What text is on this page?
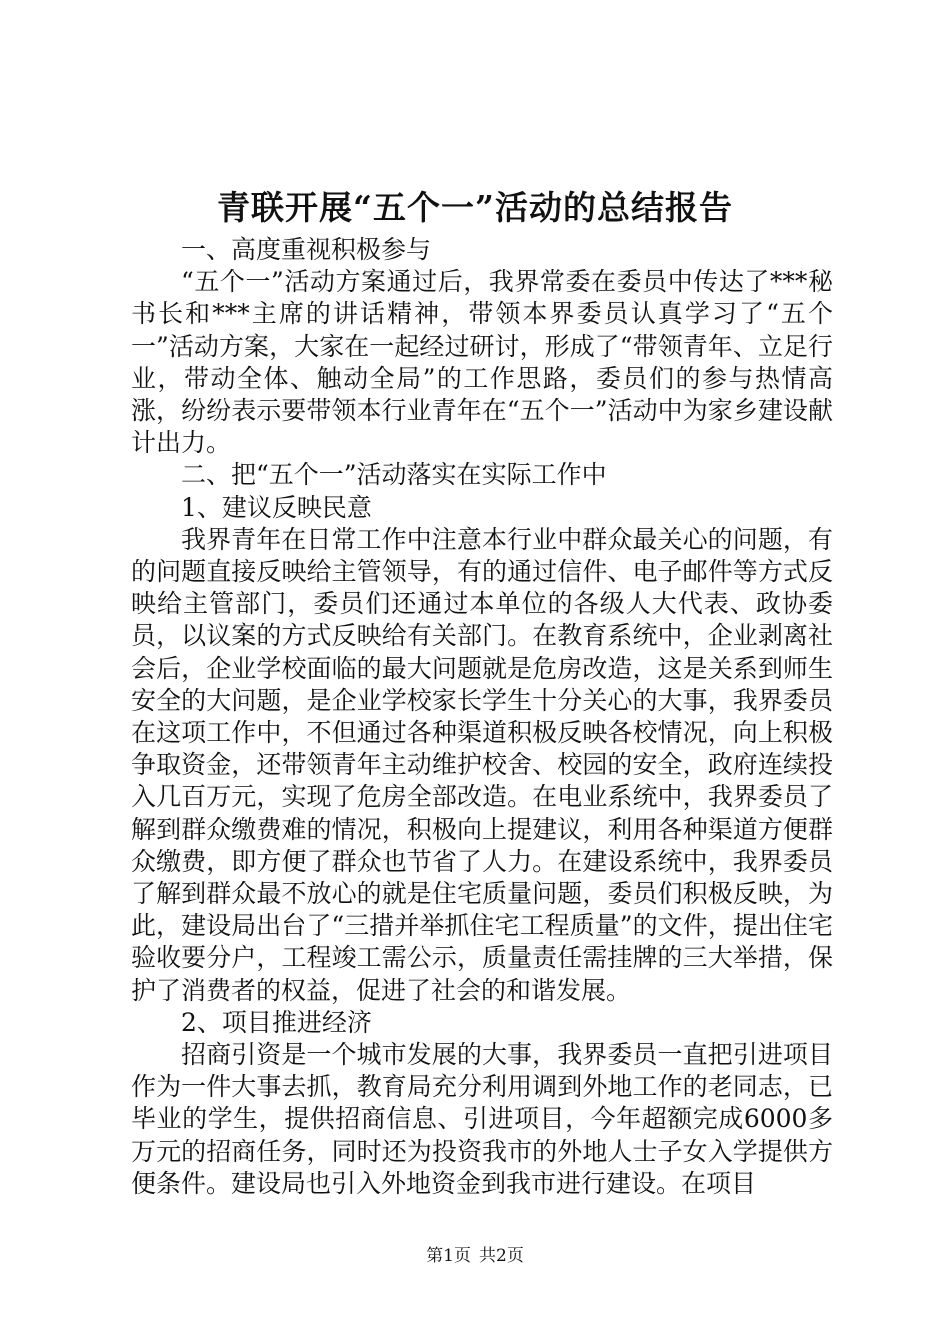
青联开展“五个一”活动的总结报告

一、高度重视积极参与

“五个一”活动方案通过后，我界常委在委员中传达了***秘书长和***主席的讲话精神，带领本界委员认真学习了“五个一”活动方案，大家在一起经过研讨，形成了“带领青年、立足行业，带动全体、触动全局”的工作思路，委员们的参与热情高涨，纷纷表示要带领本行业青年在“五个一”活动中为家乡建设献计出力。

二、把“五个一”活动落实在实际工作中

1、建议反映民意

我界青年在日常工作中注意本行业中群众最关心的问题，有的问题直接反映给主管领导，有的通过信件、电子邮件等方式反映给主管部门，委员们还通过本单位的各级人大代表、政协委员，以议案的方式反映给有关部门。在教育系统中，企业剥离社会后，企业学校面临的最大问题就是危房改造，这是关系到师生安全的大问题，是企业学校家长学生十分关心的大事，我界委员在这项工作中，不但通过各种渠道积极反映各校情况，向上积极争取资金，还带领青年主动维护校舍、校园的安全，政府连续投入几百万元，实现了危房全部改造。在电业系统中，我界委员了解到群众缴费难的情况，积极向上提建议，利用各种渠道方便群众缴费，即方便了群众也节省了人力。在建设系统中，我界委员了解到群众最不放心的就是住宅质量问题，委员们积极反映，为此，建设局出台了“三措并举抓住宅工程质量”的文件，提出住宅验收要分户，工程竣工需公示，质量责任需挂牌的三大举措，保护了消费者的权益，促进了社会的和谐发展。

2、项目推进经济

招商引资是一个城市发展的大事，我界委员一直把引进项目作为一件大事去抓，教育局充分利用调到外地工作的老同志，已毕业的学生，提供招商信息、引进项目，今年超额完成6000多万元的招商任务，同时还为投资我市的外地人士子女入学提供方便条件。建设局也引入外地资金到我市进行建设。在项目

第1页 共2页
